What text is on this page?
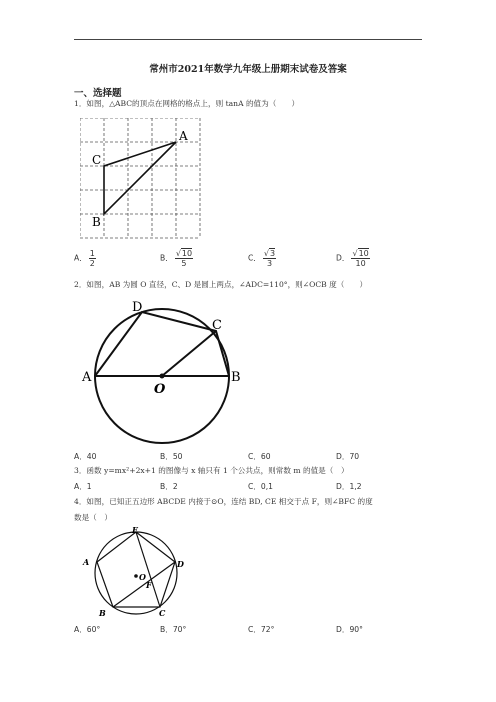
常州市2021年数学九年级上册期末试卷及答案
一、选择题
1．如图，△ABC的顶点在网格的格点上，则 tanA 的值为（　　）
A
C
B
A． $\frac{1}{2}$	B． $\frac{√10}{5}$	C． $\frac{√3}{3}$	D． $\frac{√10}{10}$
2．如图，AB 为圆 O 直径，C、D 是圆上两点，∠ADC=110°，则∠OCB 度（　　）
A	B
C
D
O
A．40	B．50	C．60	D．70
3．函数 y=mx²+2x+1 的图像与 x 轴只有 1 个公共点，则常数 m 的值是（　）
A．1	B．2	C．0,1	D．1,2
4．如图，已知正五边形 ABCDE 内接于⊙O，连结 BD, CE 相交于点 F，则∠BFC 的度
数是（　）
E
A	D
B	C
F
O
A．60°	B．70°	C．72°	D．90°
